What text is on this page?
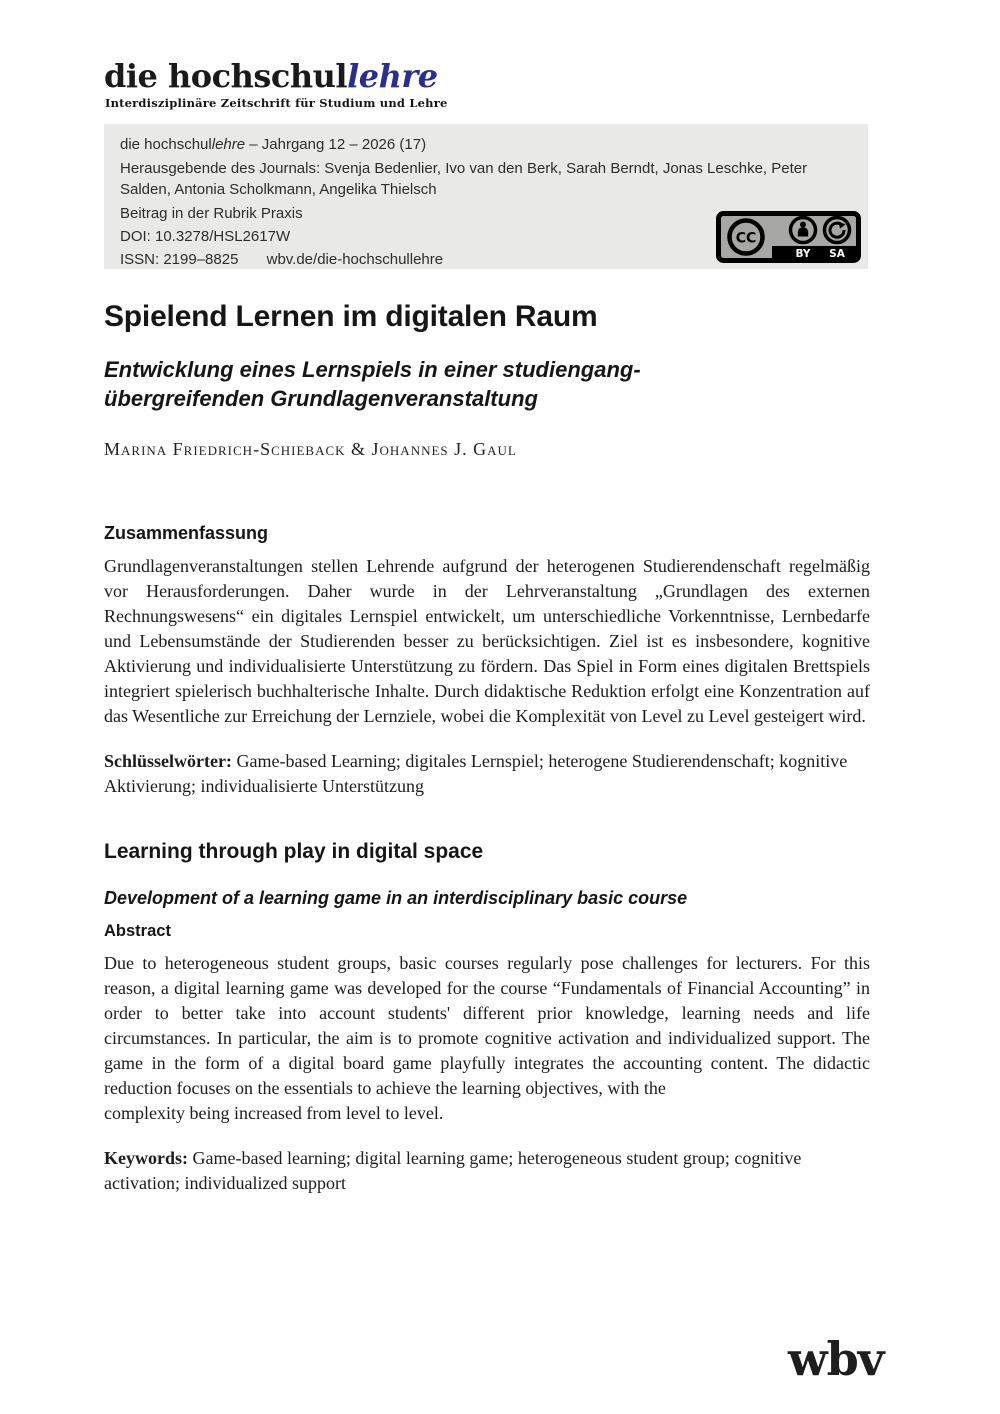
die hochschullehre
Interdisziplinäre Zeitschrift für Studium und Lehre
die hochschullehre – Jahrgang 12 – 2026 (17)
Herausgebende des Journals: Svenja Bedenlier, Ivo van den Berk, Sarah Berndt, Jonas Leschke, Peter Salden, Antonia Scholkmann, Angelika Thielsch
Beitrag in der Rubrik Praxis
DOI: 10.3278/HSL2617W
ISSN: 2199–8825 wbv.de/die-hochschullehre
CC
BY SA
Spielend Lernen im digitalen Raum
Entwicklung eines Lernspiels in einer studiengang-
übergreifenden Grundlagenveranstaltung
Marina Friedrich-Schieback & Johannes J. Gaul
Zusammenfassung

Grundlagenveranstaltungen stellen Lehrende aufgrund der heterogenen Studierendenschaft regelmäßig vor Herausforderungen. Daher wurde in der Lehrveranstaltung „Grundlagen des externen Rechnungswesens“ ein digitales Lernspiel entwickelt, um unterschiedliche Vorkenntnisse, Lernbedarfe und Lebensumstände der Studierenden besser zu berücksichtigen. Ziel ist es insbesondere, kognitive Aktivierung und individualisierte Unterstützung zu fördern. Das Spiel in Form eines digitalen Brettspiels integriert spielerisch buchhalterische Inhalte. Durch didaktische Reduktion erfolgt eine Konzentration auf das Wesentliche zur Erreichung der Lernziele, wobei die Komplexität von Level zu Level gesteigert wird.

Schlüsselwörter: Game-based Learning; digitales Lernspiel; heterogene Studierendenschaft; kognitive Aktivierung; individualisierte Unterstützung

Learning through play in digital space
Development of a learning game in an interdisciplinary basic course
Abstract

Due to heterogeneous student groups, basic courses regularly pose challenges for lecturers. For this reason, a digital learning game was developed for the course “Fundamentals of Financial Accounting” in order to better take into account students' different prior knowledge, learning needs and life circumstances. In particular, the aim is to promote cognitive activation and individualized support. The game in the form of a digital board game playfully integrates the accounting content. The didactic reduction focuses on the essentials to achieve the learning objectives, with the
complexity being increased from level to level.

Keywords: Game-based learning; digital learning game; heterogeneous student group; cognitive activation; individualized support

wbv
